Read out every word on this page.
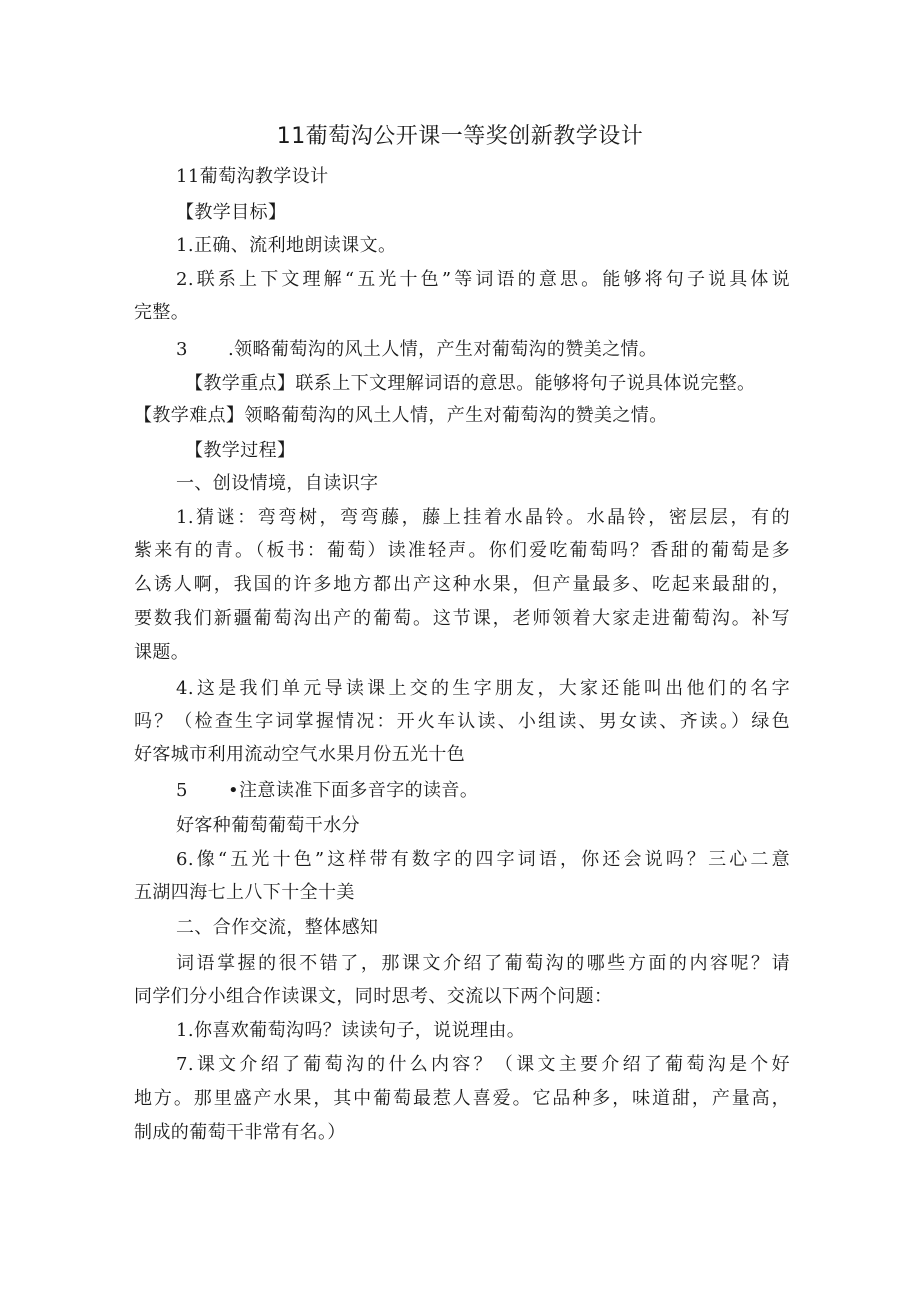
11葡萄沟公开课一等奖创新教学设计
11葡萄沟教学设计
【教学目标】
1.正确、流利地朗读课文。
2.联系上下文理解“五光十色”等词语的意思。能够将句子说具体说
完整。
3 .领略葡萄沟的风土人情，产生对葡萄沟的赞美之情。
【教学重点】联系上下文理解词语的意思。能够将句子说具体说完整。
【教学难点】领略葡萄沟的风土人情，产生对葡萄沟的赞美之情。
【教学过程】
一、创设情境，自读识字
1.猜谜：弯弯树，弯弯藤，藤上挂着水晶铃。水晶铃，密层层，有的
紫来有的青。（板书：葡萄）读准轻声。你们爱吃葡萄吗？香甜的葡萄是多
么诱人啊，我国的许多地方都出产这种水果，但产量最多、吃起来最甜的，
要数我们新疆葡萄沟出产的葡萄。这节课，老师领着大家走进葡萄沟。补写
课题。
4.这是我们单元导读课上交的生字朋友，大家还能叫出他们的名字
吗？（检查生字词掌握情况：开火车认读、小组读、男女读、齐读。）绿色
好客城市利用流动空气水果月份五光十色
5 •注意读准下面多音字的读音。
好客种葡萄葡萄干水分
6.像“五光十色”这样带有数字的四字词语，你还会说吗？三心二意
五湖四海七上八下十全十美
二、合作交流，整体感知
词语掌握的很不错了，那课文介绍了葡萄沟的哪些方面的内容呢？请
同学们分小组合作读课文，同时思考、交流以下两个问题：
1.你喜欢葡萄沟吗？读读句子，说说理由。
7.课文介绍了葡萄沟的什么内容？（课文主要介绍了葡萄沟是个好
地方。那里盛产水果，其中葡萄最惹人喜爱。它品种多，味道甜，产量高，
制成的葡萄干非常有名。）
